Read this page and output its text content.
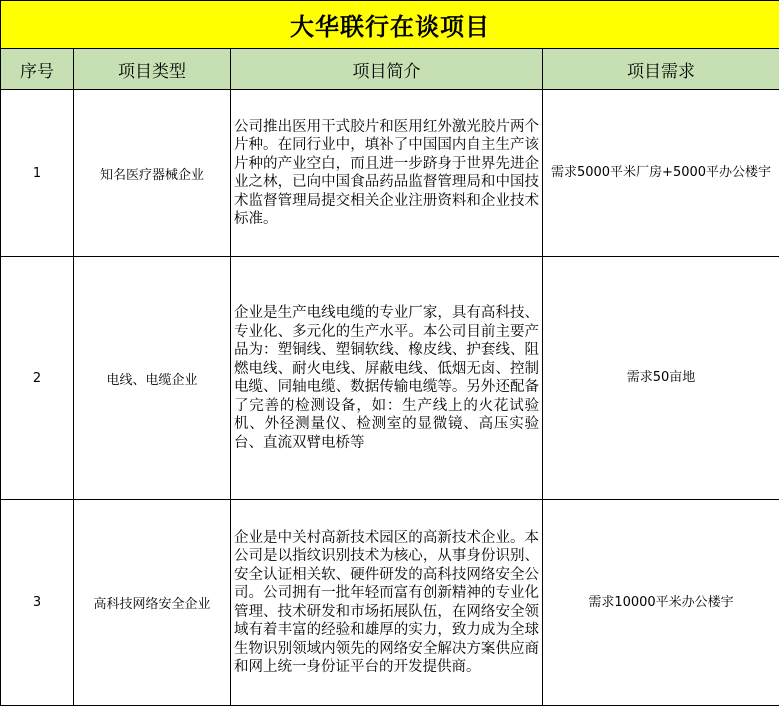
大华联行在谈项目			
序号	项目类型	项目简介	项目需求
1	知名医疗器械企业	公司推出医用干式胶片和医用红外激光胶片两个片种。在同行业中，填补了中国国内自主生产该片种的产业空白，而且进一步跻身于世界先进企业之林，已向中国食品药品监督管理局和中国技术监督管理局提交相关企业注册资料和企业技术标准。	需求5000平米厂房+5000平办公楼宇
2	电线、电缆企业	企业是生产电线电缆的专业厂家，具有高科技、专业化、多元化的生产水平。本公司目前主要产品为：塑铜线、塑铜软线、橡皮线、护套线、阻燃电线、耐火电线、屏蔽电线、低烟无卤、控制电缆、同轴电缆、数据传输电缆等。另外还配备了完善的检测设备，如：生产线上的火花试验机、外径测量仪、检测室的显微镜、高压实验台、直流双臂电桥等	需求50亩地
3	高科技网络安全企业	企业是中关村高新技术园区的高新技术企业。本公司是以指纹识别技术为核心，从事身份识别、安全认证相关软、硬件研发的高科技网络安全公司。公司拥有一批年轻而富有创新精神的专业化管理、技术研发和市场拓展队伍，在网络安全领域有着丰富的经验和雄厚的实力，致力成为全球生物识别领域内领先的网络安全解决方案供应商和网上统一身份证平台的开发提供商。	需求10000平米办公楼宇
